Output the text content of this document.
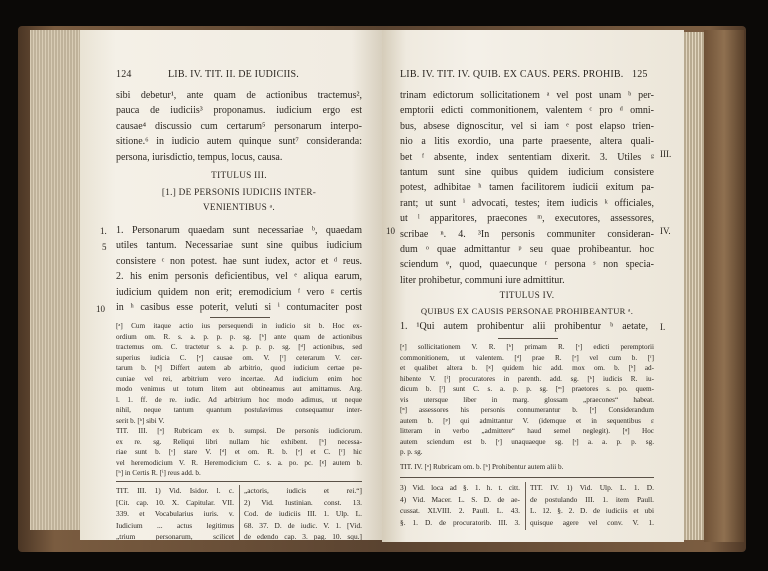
124	LIB. IV. TIT. II. DE IUDICIIS.
sibi debetur¹, ante quam de actionibus tractemus²,
pauca de iudiciis³ proponamus. iudicium ergo est
causae⁴ discussio cum certarum⁵ personarum interpo-
sitione.⁶ in iudicio autem quinque sunt⁷ consideranda:
persona, iurisdictio, tempus, locus, causa.
TITULUS III.
[1.] DE PERSONIS IUDICIIS INTER-
VENIENTIBUS ᵃ.
1.
5
10
1. Personarum quaedam sunt necessariae ᵇ, quaedam
utiles tantum. Necessariae sunt sine quibus iudicium
consistere ᶜ non potest. hae sunt iudex, actor et ᵈ reus.
2. his enim personis deficientibus, vel ᵉ aliqua earum,
iudicium quidem non erit; eremodicium ᶠ vero ᵍ certis
in ʰ casibus esse poterit, veluti si ⁱ contumaciter post
[ᵃ] Cum itaque actio ius persequendi in iudicio sit b. Hoc ex-
ordium om. R. s. a. p. p. p. sg. [ᵇ] ante quam de actionibus
tractemus om. C. tractetur s. a. p. p. p. sg. [ᵈ] actionibus, sed
superius iudicia C. [ᵉ] causae om. V. [ᶠ] ceterarum V. cer-
tarum b. [ᵍ] Differt autem ab arbitrio, quod iudicium certae pe-
cuniae vel rei, arbitrium vero incertae. Ad iudicium enim hoc
modo venimus ut totum litem aut obtineamus aut amittamus. Arg.
l. 1. ff. de re. iudic. Ad arbitrium hoc modo adimus, ut neque
nihil, neque tantum quantum postulavimus consequamur inter-
serit b. [ʰ] sibi V.
TIT. III. [ᵃ] Rubricam ex b. sumpsi. De personis iudiciorum.
ex re. sg. Reliqui libri nullam hic exhibent. [ᵇ] necessa-
riae sunt b. [ᶜ] stare V. [ᵈ] et om. R. b. [ᵉ] et C. [ᶠ] hic
vel heremodicium V. R. Heremodicium C. s. a. po. pc. [ᵍ] autem b.
[ʰ] in Certis R. [ⁱ] reus add. b.
TIT. III. 1) Vid. Isidor. l. c.
[Cit. cap. 10. X. Capitular. VII.
339. et Vocabularius iuris. v.
Iudicium ... actus legitimus
„trium personarum, scilicet
„actoris, iudicis et rei.“]
2) Vid. Iustinian. const. 13.
Cod. de iudiciis III. 1. Ulp. L.
68. 37. D. de iudic. V. 1. [Vid.
de edendo cap. 3. pag. 10. squ.]
LIB. IV. TIT. IV. QUIB. EX CAUS. PERS. PROHIB. 125
trinam edictorum sollicitationem ᵃ vel post unam ᵇ per-
emptorii edicti commonitionem, valentem ᶜ pro ᵈ omni-
bus, absese dignoscitur, vel si iam ᵉ post elapso trien-
nio a litis exordio, una parte praesente, altera quali-
bet ᶠ absente, index sententiam dixerit. 3. Utiles ᵍ
tantum sunt sine quibus quidem iudicium consistere
potest, adhibitae ʰ tamen facilitorem iudicii exitum pa-
rant; ut sunt ⁱ advocati, testes; item iudicis ᵏ officiales,
ut ˡ apparitores, praecones ᵐ, executores, assessores,
scribae ⁿ. 4. ³In personis communiter consideran-
dum ᵒ quae admittantur ᵖ seu quae prohibeantur. hoc
sciendum ᵠ, quod, quaecunque ʳ persona ˢ non specia-
liter prohibetur, communi iure admittitur.
III.
IV.
10
TITULUS IV.
QUIBUS EX CAUSIS PERSONAE PROHIBEANTUR ᵃ.
I.
1. ¹Qui autem prohibentur alii prohibentur ᵇ aetate,
[ᵃ] sollicitationem V. R. [ᵇ] primam R. [ᶜ] edicti peremptorii
commonitionem, ut valentem. [ᵈ] prae R. [ᵉ] vel cum b. [ᶠ]
et qualibet altera b. [ᵍ] quidem hic add. mox om. b. [ʰ] ad-
hibente V. [ⁱ] procuratores in parenth. add. sg. [ᵏ] iudicis R. iu-
dicum b. [ˡ] sunt C. s. a. p. p. sg. [ᵐ] praetores s. po. quem-
vis utersque liber in marg. glossam „praecones“ habeat.
[ⁿ] assessores his personis connumerantur b. [ᵒ] Considerandum
autem b. [ᵖ] qui admittantur V. (idemque et in sequentibus ε
litteram in verbo „admittere“ haud semel neglegit). [ᵠ] Hoc
autem sciendum est b. [ʳ] unaquaeque sg. [ˢ] a. a. p. p. sg.
p. p. sg.
TIT. IV. [ᵃ] Rubricam om. b. [ᵇ] Prohibentur autem alii b.
3) Vid. loca ad §. 1. h. t. citt.
4) Vid. Macer. L. S. D. de ae-
cussat. XLVIII. 2. Paull. L. 43.
§. 1. D. de procuratorib. III. 3.
TIT. IV. 1) Vid. Ulp. L. 1. D.
de postulando III. 1. item Paull.
L. 12. §. 2. D. de iudiciis et ubi
quisque agere vel conv. V. 1.
